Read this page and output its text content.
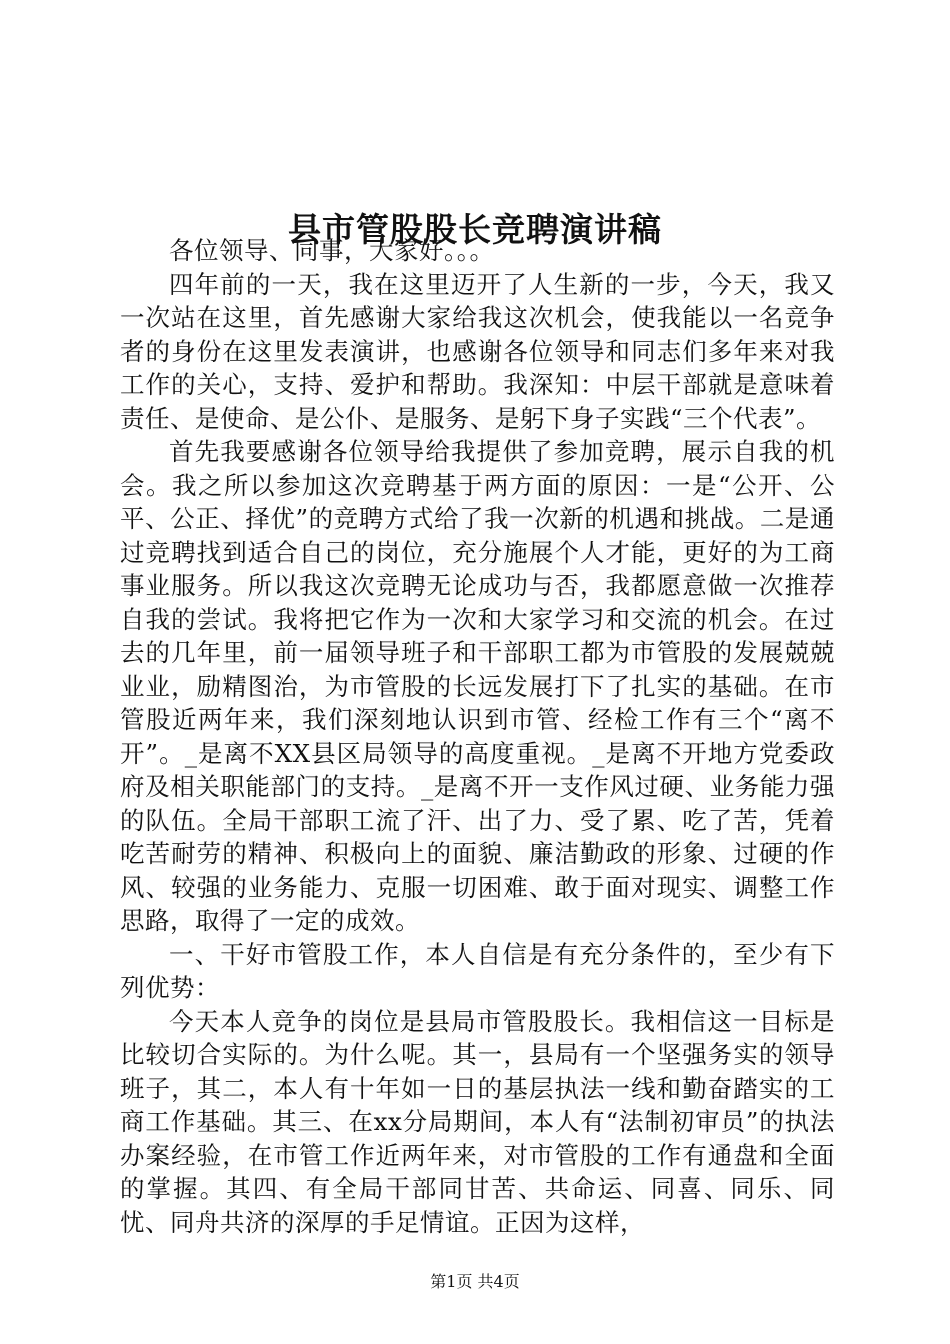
县市管股股长竞聘演讲稿

各位领导、同事，大家好。。。

四年前的一天，我在这里迈开了人生新的一步，今天，我又一次站在这里，首先感谢大家给我这次机会，使我能以一名竞争者的身份在这里发表演讲，也感谢各位领导和同志们多年来对我工作的关心，支持、爱护和帮助。我深知：中层干部就是意味着责任、是使命、是公仆、是服务、是躬下身子实践“三个代表”。

首先我要感谢各位领导给我提供了参加竞聘，展示自我的机会。我之所以参加这次竞聘基于两方面的原因：一是“公开、公平、公正、择优”的竞聘方式给了我一次新的机遇和挑战。二是通过竞聘找到适合自己的岗位，充分施展个人才能，更好的为工商事业服务。所以我这次竞聘无论成功与否，我都愿意做一次推荐自我的尝试。我将把它作为一次和大家学习和交流的机会。在过去的几年里，前一届领导班子和干部职工都为市管股的发展兢兢业业，励精图治，为市管股的长远发展打下了扎实的基础。在市管股近两年来，我们深刻地认识到市管、经检工作有三个“离不开”。_是离不XX县区局领导的高度重视。_是离不开地方党委政府及相关职能部门的支持。_是离不开一支作风过硬、业务能力强的队伍。全局干部职工流了汗、出了力、受了累、吃了苦，凭着吃苦耐劳的精神、积极向上的面貌、廉洁勤政的形象、过硬的作风、较强的业务能力、克服一切困难、敢于面对现实、调整工作思路，取得了一定的成效。

一、干好市管股工作，本人自信是有充分条件的，至少有下列优势：

今天本人竞争的岗位是县局市管股股长。我相信这一目标是比较切合实际的。为什么呢。其一，县局有一个坚强务实的领导班子，其二，本人有十年如一日的基层执法一线和勤奋踏实的工商工作基础。其三、在xx分局期间，本人有“法制初审员”的执法办案经验，在市管工作近两年来，对市管股的工作有通盘和全面的掌握。其四、有全局干部同甘苦、共命运、同喜、同乐、同忧、同舟共济的深厚的手足情谊。正因为这样，

第1页 共4页
